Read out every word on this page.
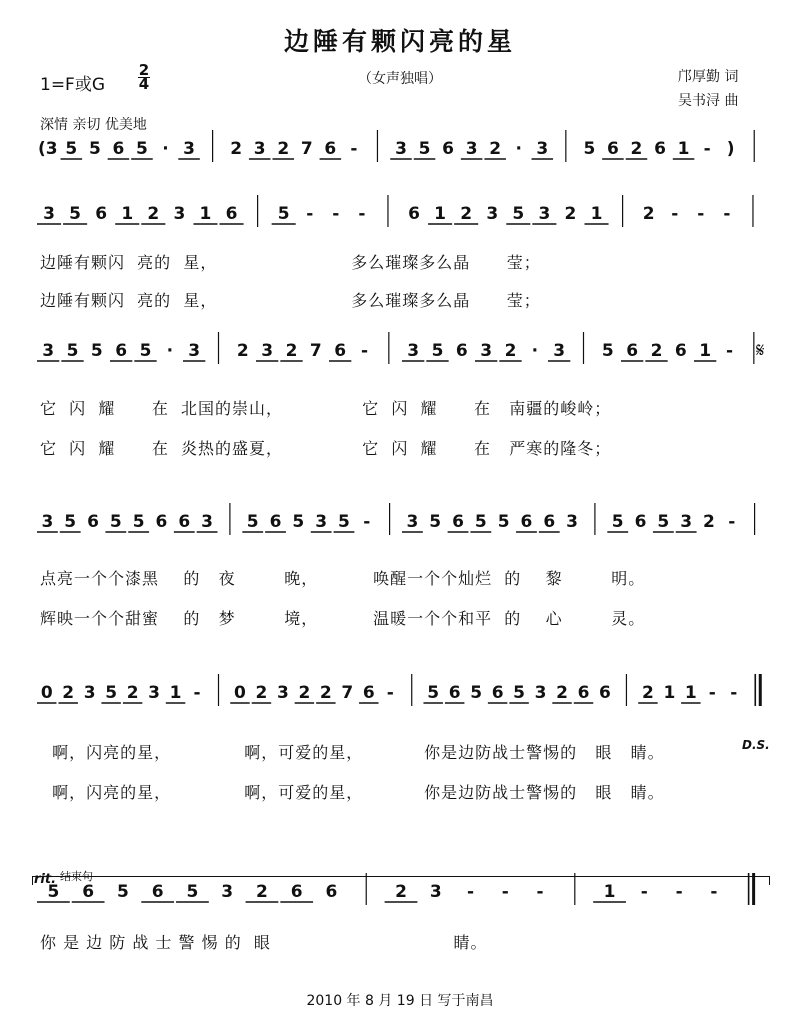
边陲有颗闪亮的星
1=F或G
2
4	（女声独唱）	邝厚勤 词
吴书浔 曲
深情 亲切 优美地
𝄋
D.S.
rit. 结束句
(3 5 5 6 5 · 3 2 3 2 7 6 - 3 5 6 3 2 · 3 5 6 2 6 1 - )
3 5 6 1 2 3 1 6 5 - - -	6 1 2 3 5 3 2 1 2 - - -
3 5 5 6 5 · 3 2 3 2 7 6 - 3 5 6 3 2 · 3 5 6 2 6 1 -
3 5 6 5 5 6 6 3 5 6 5 3 5 - 3 5 6 5 5 6 6 3 5 6 5 3 2 -
0 2 3 5 2 3 1 - 0 2 3 2 2 7 6 - 5 6 5 6 5 3 2 6 6 2 1 1 - -
5 6 5 6 5 3 2 6 6	2 3 - - -	1 - - -
边陲有颗闪  亮的  星，                      多么璀璨多么晶      莹；
边陲有颗闪  亮的  星，                      多么璀璨多么晶      莹；
它  闪  耀      在  北国的崇山，             它  闪  耀      在   南疆的峻岭；
它  闪  耀      在  炎热的盛夏，             它  闪  耀      在   严寒的隆冬；
点亮一个个漆黑    的   夜        晚，         唤醒一个个灿烂  的    黎        明。
辉映一个个甜蜜    的   梦        境，         温暖一个个和平  的    心        灵。
啊，闪亮的星，            啊，可爱的星，          你是边防战士警惕的   眼   睛。
啊，闪亮的星，            啊，可爱的星，          你是边防战士警惕的   眼   睛。
你 是 边 防 战 士 警 惕 的  眼                              睛。
2010 年 8 月 19 日 写于南昌
